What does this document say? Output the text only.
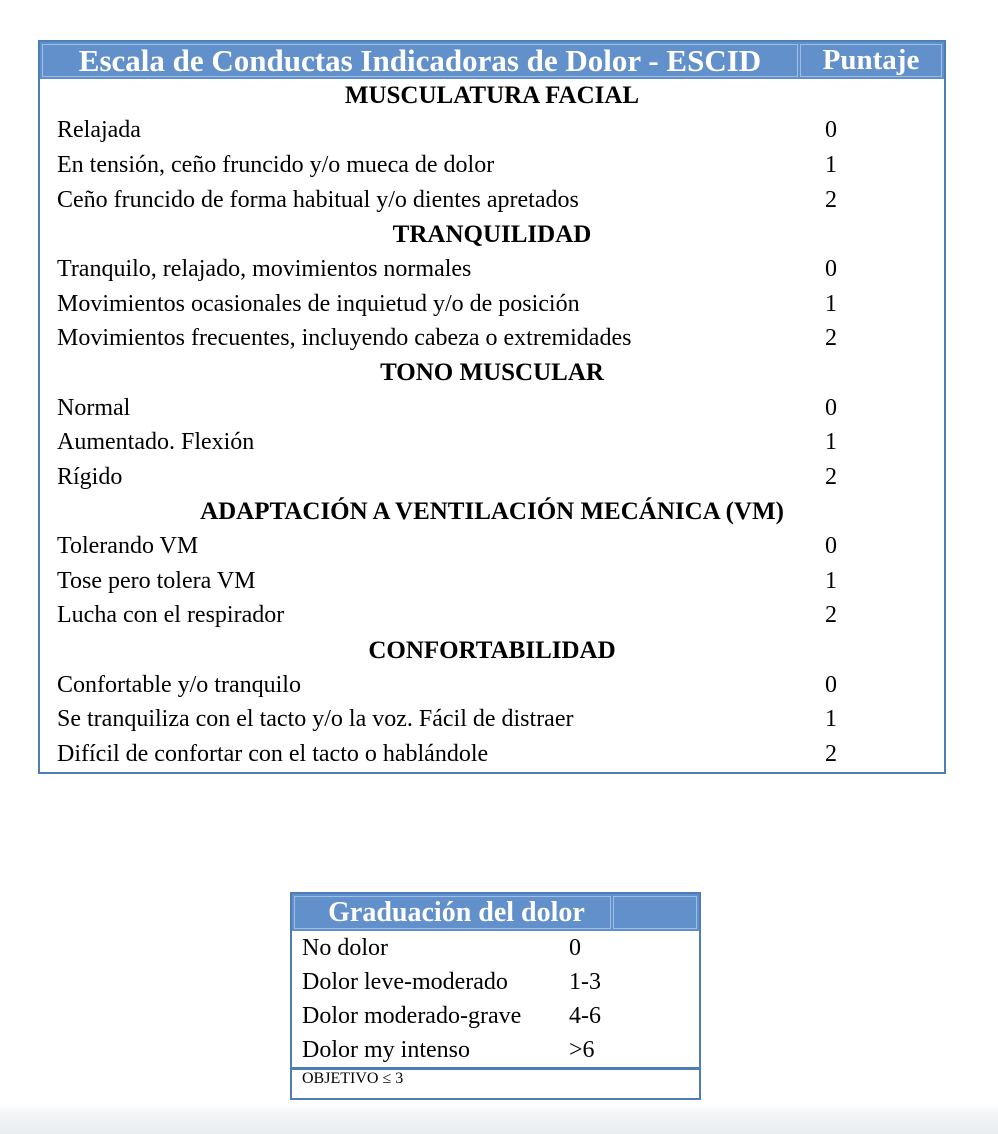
Escala de Conductas Indicadoras de Dolor - ESCID	Puntaje
MUSCULATURA FACIAL
Relajada	0
En tensión, ceño fruncido y/o mueca de dolor	1
Ceño fruncido de forma habitual y/o dientes apretados	2
TRANQUILIDAD
Tranquilo, relajado, movimientos normales	0
Movimientos ocasionales de inquietud y/o de posición	1
Movimientos frecuentes, incluyendo cabeza o extremidades	2
TONO MUSCULAR
Normal	0
Aumentado. Flexión	1
Rígido	2
ADAPTACIÓN A VENTILACIÓN MECÁNICA (VM)
Tolerando VM	0
Tose pero tolera VM	1
Lucha con el respirador	2
CONFORTABILIDAD
Confortable y/o tranquilo	0
Se tranquiliza con el tacto y/o la voz. Fácil de distraer	1
Difícil de confortar con el tacto o hablándole	2
Graduación del dolor
No dolor	0
Dolor leve-moderado	1-3
Dolor moderado-grave	4-6
Dolor my intenso	>6
OBJETIVO ≤ 3
